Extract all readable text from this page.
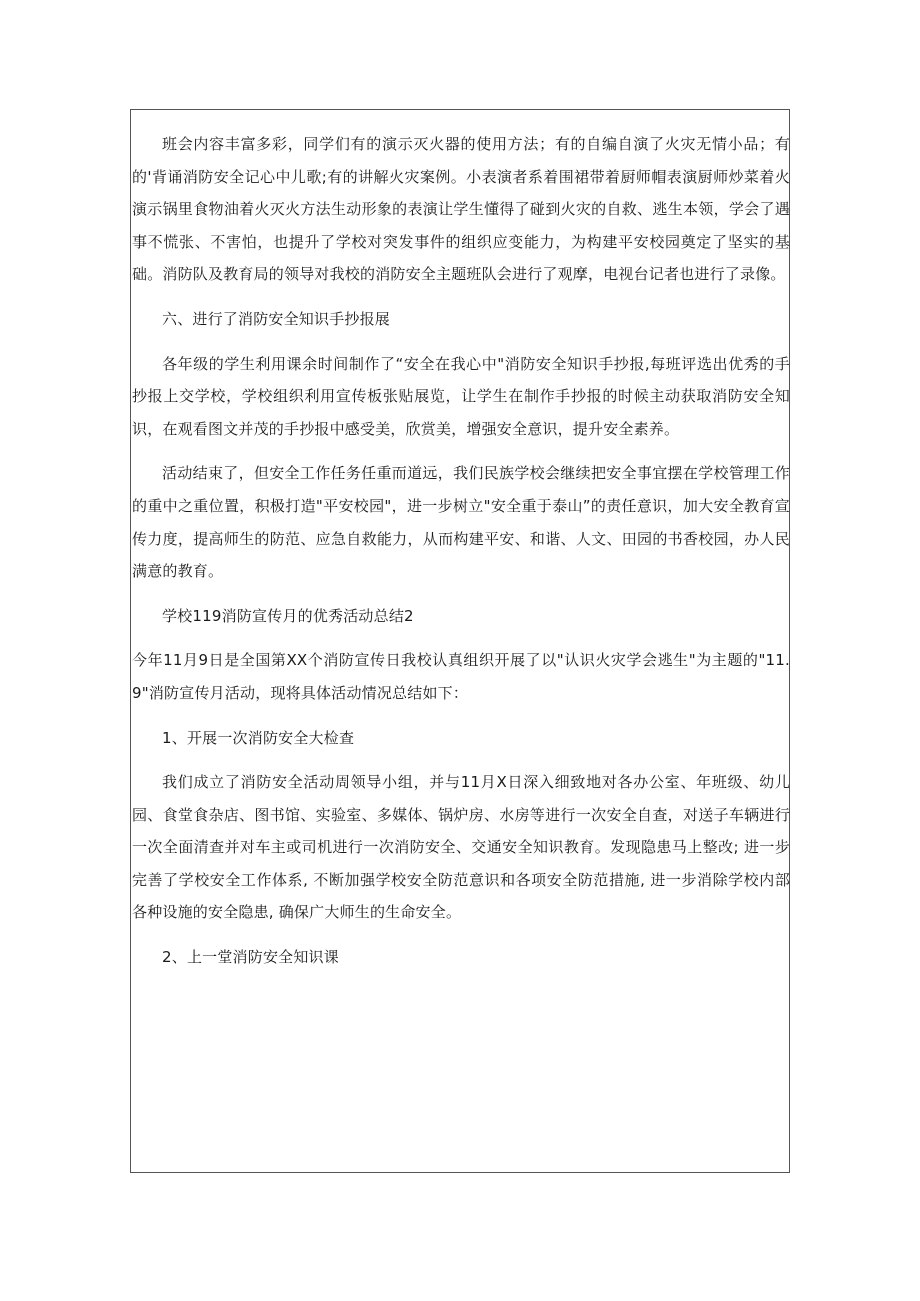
班会内容丰富多彩，同学们有的演示灭火器的使用方法；有的自编自演了火灾无情小品；有的'背诵消防安全记心中儿歌;有的讲解火灾案例。小表演者系着围裙带着厨师帽表演厨师炒菜着火演示锅里食物油着火灭火方法生动形象的表演让学生懂得了碰到火灾的自救、逃生本领，学会了遇事不慌张、不害怕，也提升了学校对突发事件的组织应变能力，为构建平安校园奠定了坚实的基础。消防队及教育局的领导对我校的消防安全主题班队会进行了观摩，电视台记者也进行了录像。

六、进行了消防安全知识手抄报展

各年级的学生利用课余时间制作了“安全在我心中"消防安全知识手抄报,每班评选出优秀的手抄报上交学校，学校组织利用宣传板张贴展览，让学生在制作手抄报的时候主动获取消防安全知识，在观看图文并茂的手抄报中感受美，欣赏美，增强安全意识，提升安全素养。

活动结束了，但安全工作任务任重而道远，我们民族学校会继续把安全事宜摆在学校管理工作的重中之重位置，积极打造"平安校园"，进一步树立"安全重于泰山”的责任意识，加大安全教育宣传力度，提高师生的防范、应急自救能力，从而构建平安、和谐、人文、田园的书香校园，办人民满意的教育。

学校119消防宣传月的优秀活动总结2

今年11月9日是全国第XX个消防宣传日我校认真组织开展了以"认识火灾学会逃生"为主题的"11.9"消防宣传月活动，现将具体活动情况总结如下：

1、开展一次消防安全大检查

我们成立了消防安全活动周领导小组，并与11月X日深入细致地对各办公室、年班级、幼儿园、食堂食杂店、图书馆、实验室、多媒体、锅炉房、水房等进行一次安全自查，对送子车辆进行一次全面清查并对车主或司机进行一次消防安全、交通安全知识教育。发现隐患马上整改; 进一步完善了学校安全工作体系, 不断加强学校安全防范意识和各项安全防范措施, 进一步消除学校内部各种设施的安全隐患, 确保广大师生的生命安全。

2、上一堂消防安全知识课
